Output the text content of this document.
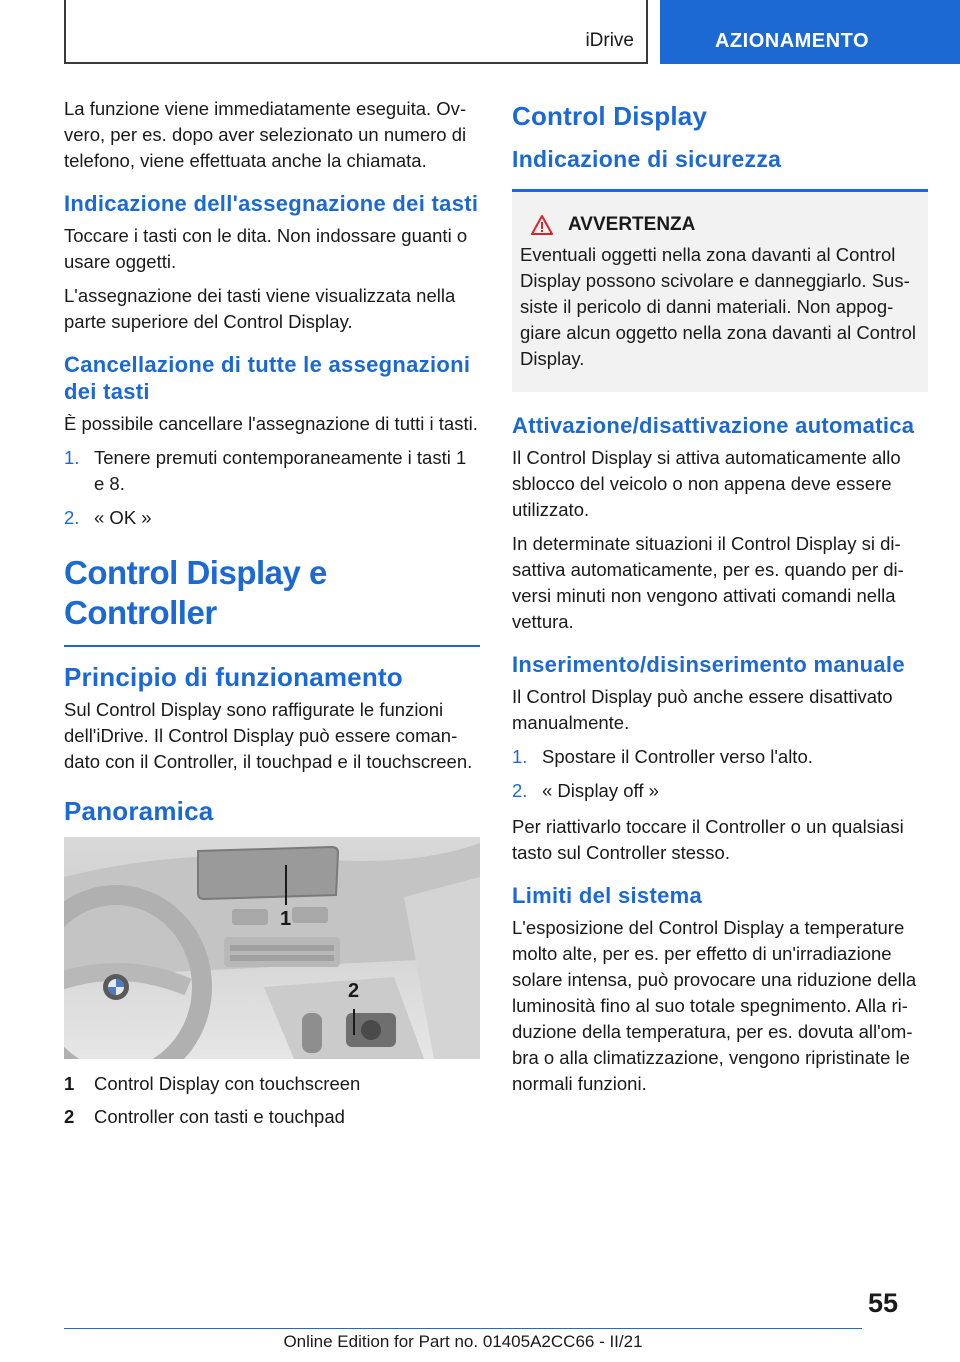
iDrive	AZIONAMENTO

La funzione viene immediatamente eseguita. Ovvero, per es. dopo aver selezionato un numero di telefono, viene effettuata anche la chiamata.

Indicazione dell'assegnazione dei tasti

Toccare i tasti con le dita. Non indossare guanti o usare oggetti.

L'assegnazione dei tasti viene visualizzata nella parte superiore del Control Display.

Cancellazione di tutte le assegnazioni dei tasti

È possibile cancellare l'assegnazione di tutti i tasti.

1. Tenere premuti contemporaneamente i tasti 1 e 8.
2. « OK »
Control Display e Controller
Principio di funzionamento

Sul Control Display sono raffigurate le funzioni dell'iDrive. Il Control Display può essere comandato con il Controller, il touchpad e il touchscreen.

Panoramica
1
2
1	Control Display con touchscreen
2	Controller con tasti e touchpad
Control Display
Indicazione di sicurezza
AVVERTENZA

Eventuali oggetti nella zona davanti al Control Display possono scivolare e danneggiarlo. Sussiste il pericolo di danni materiali. Non appoggiare alcun oggetto nella zona davanti al Control Display.

Attivazione/disattivazione automatica

Il Control Display si attiva automaticamente allo sblocco del veicolo o non appena deve essere utilizzato.

In determinate situazioni il Control Display si disattiva automaticamente, per es. quando per diversi minuti non vengono attivati comandi nella vettura.

Inserimento/disinserimento manuale

Il Control Display può anche essere disattivato manualmente.

1. Spostare il Controller verso l'alto.
2. « Display off »

Per riattivarlo toccare il Controller o un qualsiasi tasto sul Controller stesso.

Limiti del sistema

L'esposizione del Control Display a temperature molto alte, per es. per effetto di un'irradiazione solare intensa, può provocare una riduzione della luminosità fino al suo totale spegnimento. Alla riduzione della temperatura, per es. dovuta all'ombra o alla climatizzazione, vengono ripristinate le normali funzioni.

55
Online Edition for Part no. 01405A2CC66 - II/21
